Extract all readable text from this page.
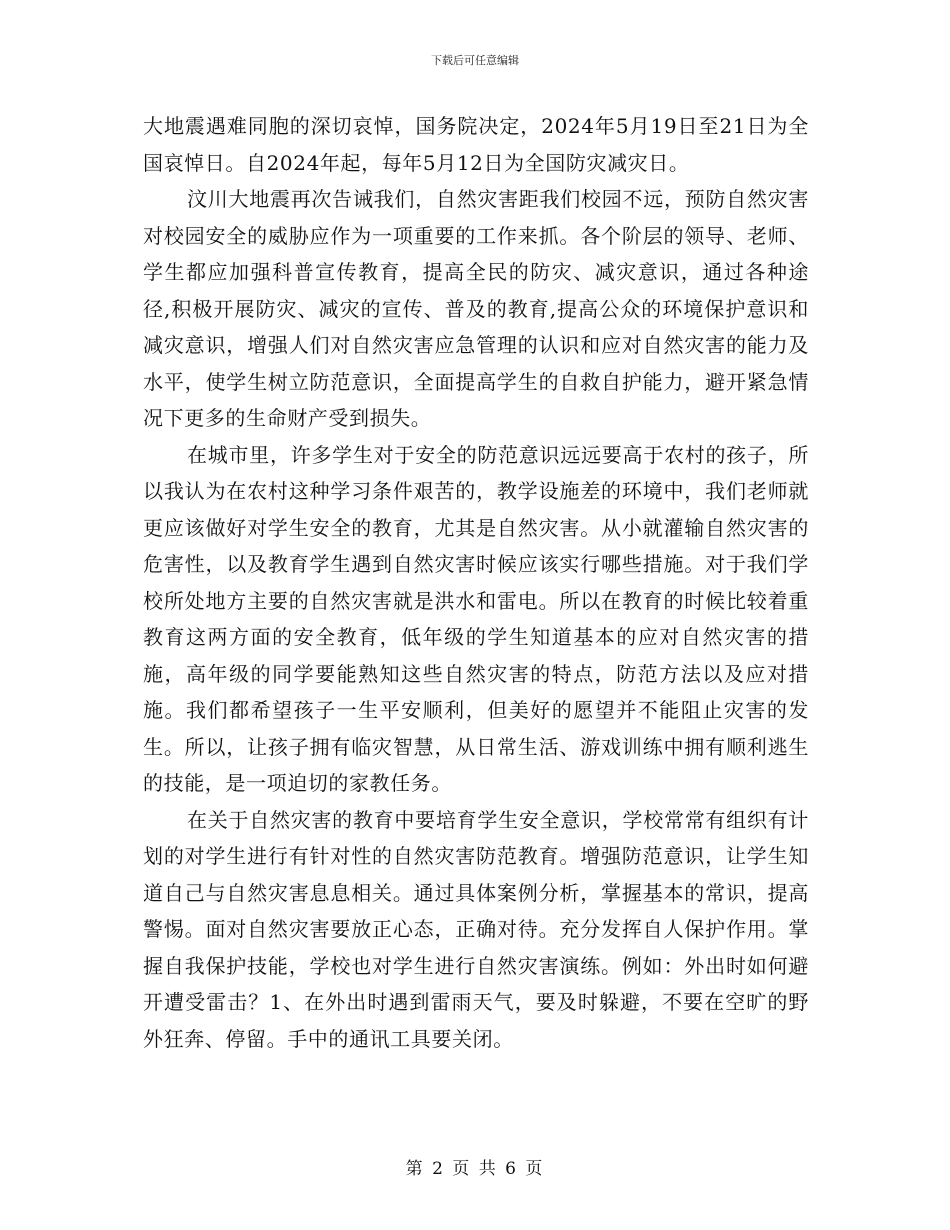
下载后可任意编辑

大地震遇难同胞的深切哀悼，国务院决定，2024年5月19日至21日为全国哀悼日。自2024年起，每年5月12日为全国防灾减灾日。

汶川大地震再次告诫我们，自然灾害距我们校园不远，预防自然灾害对校园安全的威胁应作为一项重要的工作来抓。各个阶层的领导、老师、学生都应加强科普宣传教育，提高全民的防灾、减灾意识，通过各种途径,积极开展防灾、减灾的宣传、普及的教育,提高公众的环境保护意识和减灾意识，增强人们对自然灾害应急管理的认识和应对自然灾害的能力及水平，使学生树立防范意识，全面提高学生的自救自护能力，避开紧急情况下更多的生命财产受到损失。

在城市里，许多学生对于安全的防范意识远远要高于农村的孩子，所以我认为在农村这种学习条件艰苦的，教学设施差的环境中，我们老师就更应该做好对学生安全的教育，尤其是自然灾害。从小就灌输自然灾害的危害性，以及教育学生遇到自然灾害时候应该实行哪些措施。对于我们学校所处地方主要的自然灾害就是洪水和雷电。所以在教育的时候比较着重教育这两方面的安全教育，低年级的学生知道基本的应对自然灾害的措施，高年级的同学要能熟知这些自然灾害的特点，防范方法以及应对措施。我们都希望孩子一生平安顺利，但美好的愿望并不能阻止灾害的发生。所以，让孩子拥有临灾智慧，从日常生活、游戏训练中拥有顺利逃生的技能，是一项迫切的家教任务。

在关于自然灾害的教育中要培育学生安全意识，学校常常有组织有计划的对学生进行有针对性的自然灾害防范教育。增强防范意识，让学生知道自己与自然灾害息息相关。通过具体案例分析，掌握基本的常识，提高警惕。面对自然灾害要放正心态，正确对待。充分发挥自人保护作用。掌握自我保护技能，学校也对学生进行自然灾害演练。例如：外出时如何避开遭受雷击？1、在外出时遇到雷雨天气，要及时躲避，不要在空旷的野外狂奔、停留。手中的通讯工具要关闭。

第 2 页 共 6 页
